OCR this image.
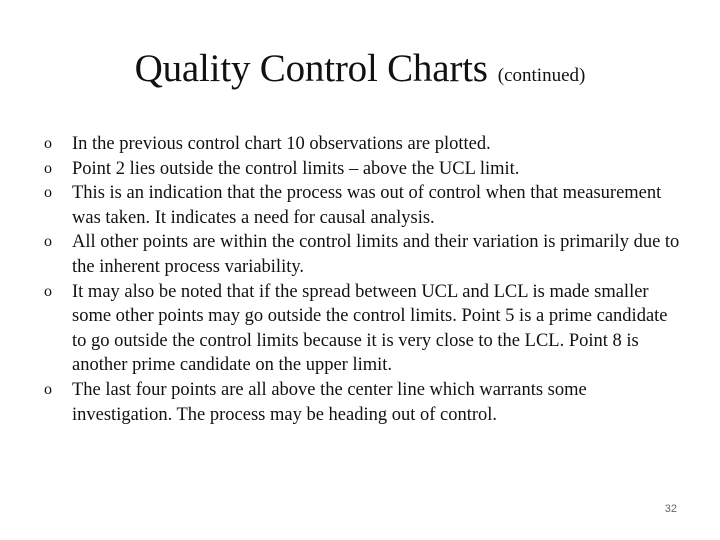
Quality Control Charts (continued)
o	In the previous control chart 10 observations are plotted.
o	Point 2 lies outside the control limits – above the UCL limit.
o	This is an indication that the process was out of control when that measurement was taken. It indicates a need for causal analysis.
o	All other points are within the control limits and their variation is primarily due to the inherent process variability.
o	It may also be noted that if the spread between UCL and LCL is made smaller some other points may go outside the control limits. Point 5 is a prime candidate to go outside the control limits because it is very close to the LCL. Point 8 is another prime candidate on the upper limit.
o	The last four points are all above the center line which warrants some investigation. The process may be heading out of control.
32
